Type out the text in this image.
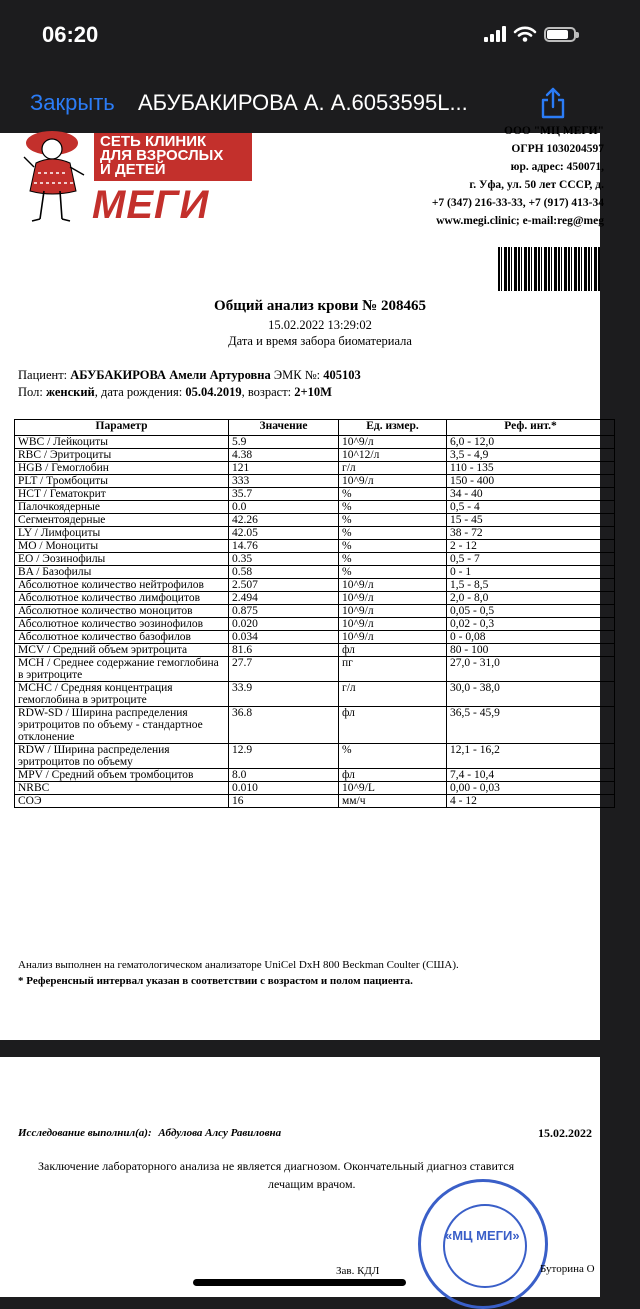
06:20
Закрыть АБУБАКИРОВА А. А.6053595L...
СЕТЬ КЛИНИК
ДЛЯ ВЗРОСЛЫХ
И ДЕТЕЙ
МЕГИ
ООО "МЦ МЕГИ"
ОГРН 1030204597
юр. адрес: 450071,
г. Уфа, ул. 50 лет СССР, д.
+7 (347) 216-33-33, +7 (917) 413-34
www.megi.clinic; e-mail:reg@meg
Общий анализ крови № 208465
15.02.2022 13:29:02
Дата и время забора биоматериала
Пациент: АБУБАКИРОВА Амели Артуровна ЭМК №: 405103
Пол: женский, дата рождения: 05.04.2019, возраст: 2+10М
Параметр	Значение	Ед. измер.	Реф. инт.*
WBC / Лейкоциты	5.9	10^9/л	6,0 - 12,0
RBC / Эритроциты	4.38	10^12/л	3,5 - 4,9
HGB / Гемоглобин	121	г/л	110 - 135
PLT / Тромбоциты	333	10^9/л	150 - 400
HCT / Гематокрит	35.7	%	34 - 40
Палочкоядерные	0.0	%	0,5 - 4
Сегментоядерные	42.26	%	15 - 45
LY / Лимфоциты	42.05	%	38 - 72
MO / Моноциты	14.76	%	2 - 12
EO / Эозинофилы	0.35	%	0,5 - 7
BA / Базофилы	0.58	%	0 - 1
Абсолютное количество нейтрофилов	2.507	10^9/л	1,5 - 8,5
Абсолютное количество лимфоцитов	2.494	10^9/л	2,0 - 8,0
Абсолютное количество моноцитов	0.875	10^9/л	0,05 - 0,5
Абсолютное количество эозинофилов	0.020	10^9/л	0,02 - 0,3
Абсолютное количество базофилов	0.034	10^9/л	0 - 0,08
MCV / Средний объем эритроцита	81.6	фл	80 - 100
MCH / Среднее содержание гемоглобина в эритроците	27.7	пг	27,0 - 31,0
MCHC / Средняя концентрация гемоглобина в эритроците	33.9	г/л	30,0 - 38,0
RDW-SD / Ширина распределения эритроцитов по объему - стандартное отклонение	36.8	фл	36,5 - 45,9
RDW / Ширина распределения эритроцитов по объему	12.9	%	12,1 - 16,2
MPV / Средний объем тромбоцитов	8.0	фл	7,4 - 10,4
NRBC	0.010	10^9/L	0,00 - 0,03
СОЭ	16	мм/ч	4 - 12
Анализ выполнен на гематологическом анализаторе UniCel DxH 800 Beckman Coulter (США).
* Референсный интервал указан в соответствии с возрастом и полом пациента.
Исследование выполнил(а): Абдулова Алсу Равиловна	15.02.2022
Заключение лабораторного анализа не является диагнозом. Окончательный диагноз ставится
лечащим врачом.
«МЦ МЕГИ»
Зав. КДЛ	Буторина О
